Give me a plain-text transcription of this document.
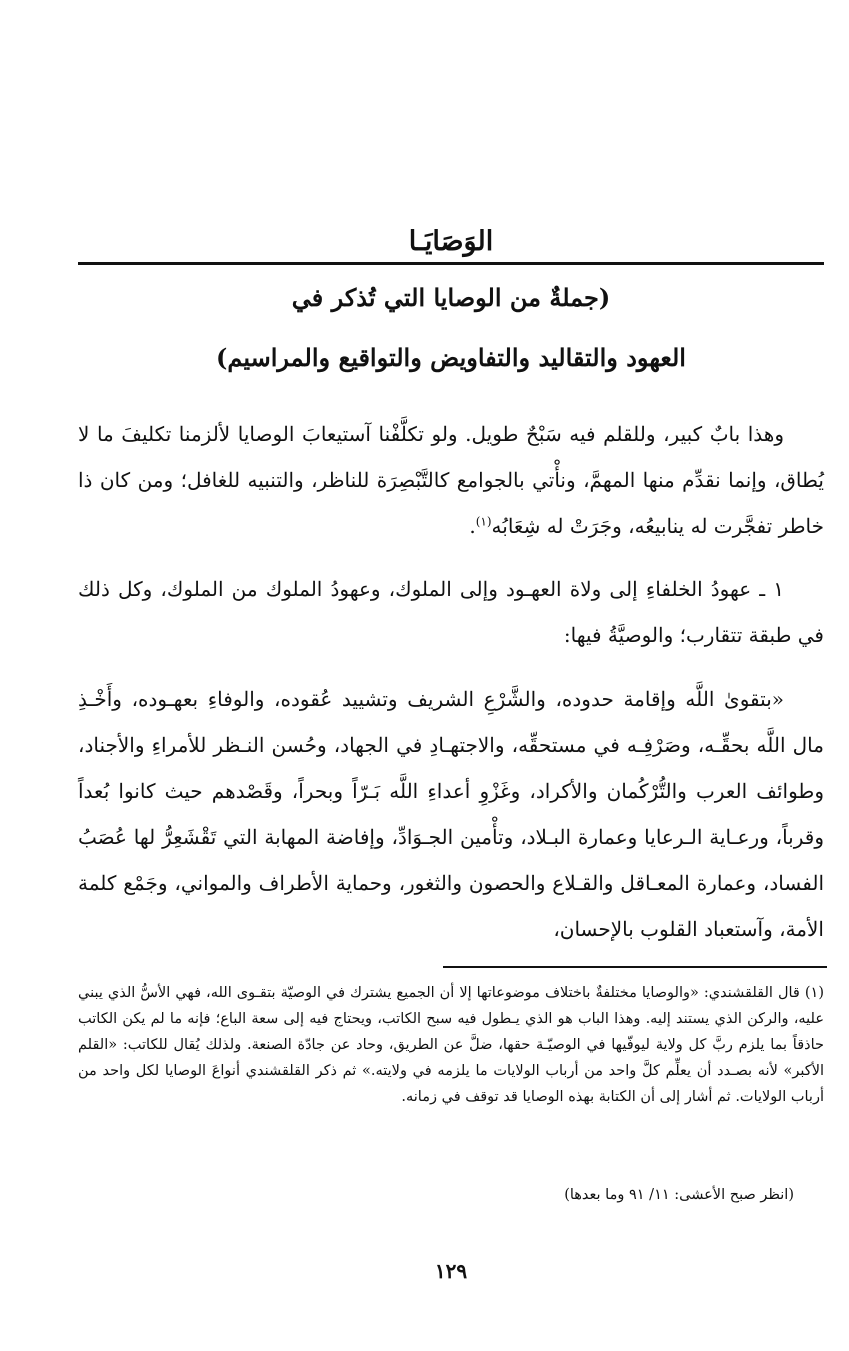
الوَصَايَـا
(جملةٌ من الوصايا التي تُذكر في
العهود والتقاليد والتفاويض والتواقيع والمراسيم)

وهذا بابٌ كبير، وللقلم فيه سَبْحٌ طويل. ولو تكلَّفْنا آستيعابَ الوصايا لألزمنا تكليفَ ما لا يُطاق، وإنما نقدِّم منها المهمَّ، ونأْتي بالجوامع كالتَّبْصِرَة للناظر، والتنبيه للغافل؛ ومن كان ذا خاطر تفجَّرت له ينابيعُه، وجَرَتْ له شِعَابُه$^{(١)}$.

١ ـ عهودُ الخلفاءِ إلى ولاة العهـود وإلى الملوك، وعهودُ الملوك من الملوك، وكل ذلك في طبقة تتقارب؛ والوصيَّةُ فيها:

«بتقوىٰ اللَّه وإقامة حدوده، والشَّرْعِ الشريف وتشييد عُقوده، والوفاءِ بعهـوده، وأَخْـذِ مال اللَّه بحقِّـه، وصَرْفِـه في مستحقِّه، والاجتهـادِ في الجهاد، وحُسن النـظر للأمراءِ والأجناد، وطوائف العرب والتُّرْكُمان والأكراد، وغَزْوِ أعداءِ اللَّه بَـرّاً وبحراً، وقَصْدهم حيث كانوا بُعداً وقرباً، ورعـاية الـرعايا وعمارة البـلاد، وتأْمين الجـوَادِّ، وإفاضة المهابة التي تَقْشَعِرُّ لها عُصَبُ الفساد، وعمارة المعـاقل والقـلاع والحصون والثغور، وحماية الأطراف والمواني، وجَمْع كلمة الأمة، وآستعباد القلوب بالإحسان،

(١) قال القلقشندي: «والوصايا مختلفةٌ باختلاف موضوعاتها إلا أن الجميع يشترك في الوصيّة بتقـوى الله، فهي الأسُّ الذي يبني عليه، والركن الذي يستند إليه. وهذا الباب هو الذي يـطول فيه سبح الكاتب، ويحتاج فيه إلى سعة الباع؛ فإنه ما لم يكن الكاتب حاذقاً بما يلزم ربَّ كل ولاية ليوفّيها في الوصيّـة حقها، ضلَّ عن الطريق، وحاد عن جادّة الصنعة. ولذلك يُقال للكاتب: «القلم الأكبر» لأنه بصـدد أن يعلِّم كلَّ واحد من أرباب الولايات ما يلزمه في ولايته.» ثم ذكر القلقشندي أنواعَ الوصايا لكل واحد من أرباب الولايات. ثم أشار إلى أن الكتابة بهذه الوصايا قد توقف في زمانه.

(انظر صبح الأعشى: ١١/ ٩١ وما بعدها)

١٢٩
